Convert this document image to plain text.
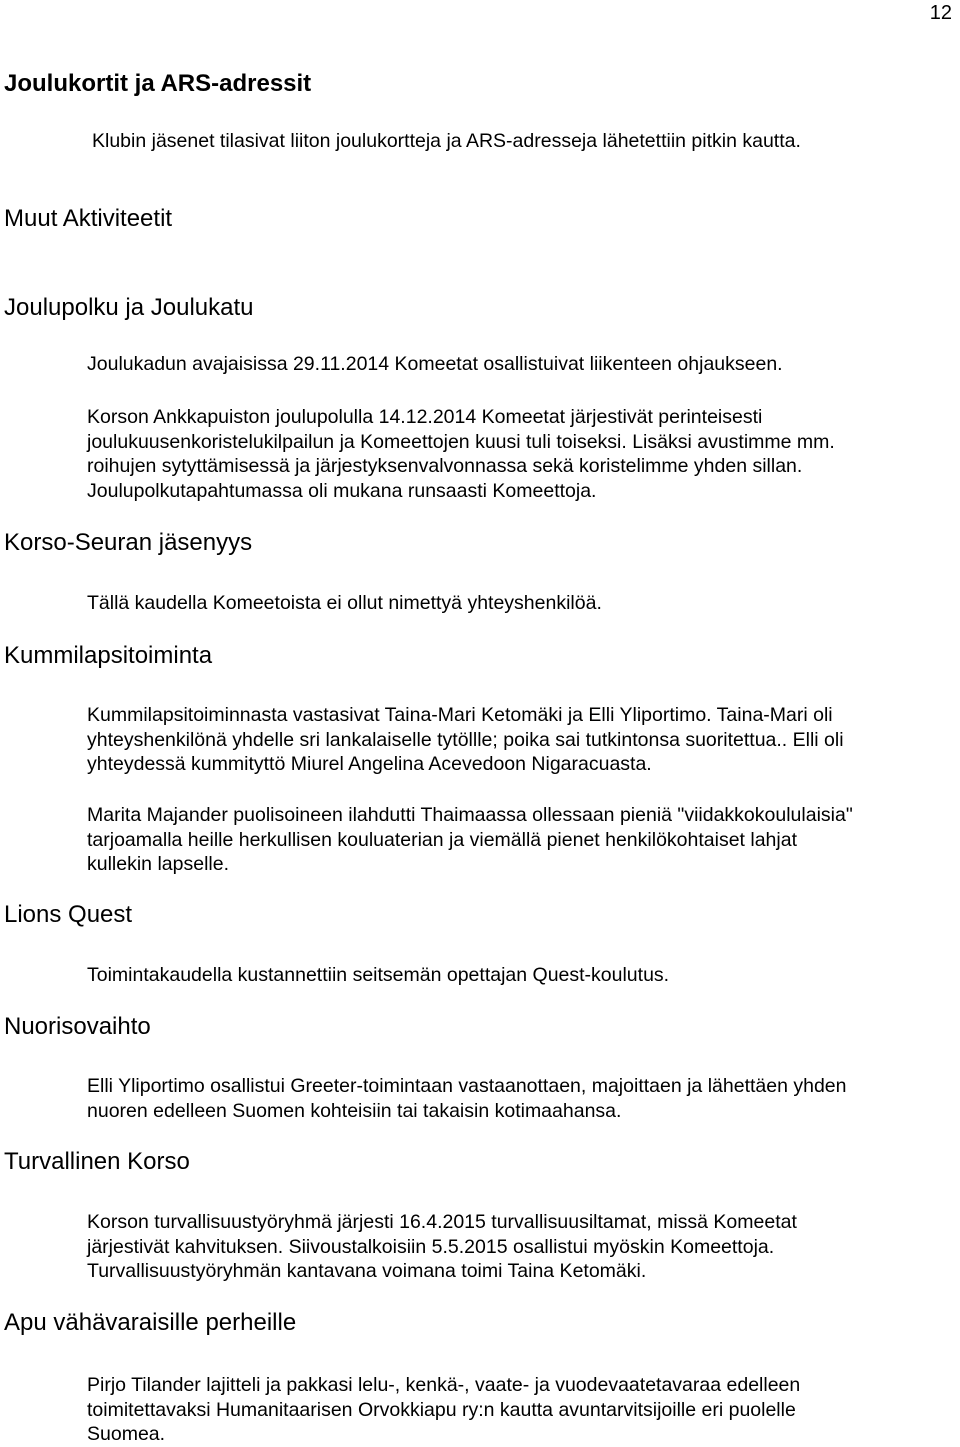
12
Joulukortit ja ARS-adressit
Klubin jäsenet tilasivat liiton joulukortteja ja ARS-adresseja lähetettiin pitkin kautta.
Muut Aktiviteetit
Joulupolku ja Joulukatu
Joulukadun avajaisissa 29.11.2014 Komeetat osallistuivat liikenteen ohjaukseen.
Korson Ankkapuiston joulupolulla 14.12.2014 Komeetat järjestivät perinteisesti
joulukuusenkoristelukilpailun ja Komeettojen kuusi tuli toiseksi. Lisäksi avustimme mm.
roihujen sytyttämisessä ja järjestyksenvalvonnassa sekä koristelimme yhden sillan.
Joulupolkutapahtumassa oli mukana runsaasti Komeettoja.
Korso-Seuran jäsenyys
Tällä kaudella Komeetoista ei ollut nimettyä yhteyshenkilöä.
Kummilapsitoiminta
Kummilapsitoiminnasta vastasivat Taina-Mari Ketomäki ja Elli Yliportimo. Taina-Mari oli
yhteyshenkilönä yhdelle sri lankalaiselle tytöllle; poika sai tutkintonsa suoritettua.. Elli oli
yhteydessä kummityttö Miurel Angelina Acevedoon Nigaracuasta.
Marita Majander puolisoineen ilahdutti Thaimaassa ollessaan pieniä "viidakkokoululaisia"
tarjoamalla heille herkullisen kouluaterian ja viemällä pienet henkilökohtaiset lahjat
kullekin lapselle.
Lions Quest
Toimintakaudella kustannettiin seitsemän opettajan Quest-koulutus.
Nuorisovaihto
Elli Yliportimo osallistui Greeter-toimintaan vastaanottaen, majoittaen ja lähettäen yhden
nuoren edelleen Suomen kohteisiin tai takaisin kotimaahansa.
Turvallinen Korso
Korson turvallisuustyöryhmä järjesti 16.4.2015 turvallisuusiltamat, missä Komeetat
järjestivät kahvituksen. Siivoustalkoisiin 5.5.2015 osallistui myöskin Komeettoja.
Turvallisuustyöryhmän kantavana voimana toimi Taina Ketomäki.
Apu vähävaraisille perheille
Pirjo Tilander lajitteli ja pakkasi lelu-, kenkä-, vaate- ja vuodevaatetavaraa edelleen
toimitettavaksi Humanitaarisen Orvokkiapu ry:n kautta avuntarvitsijoille eri puolelle
Suomea.
